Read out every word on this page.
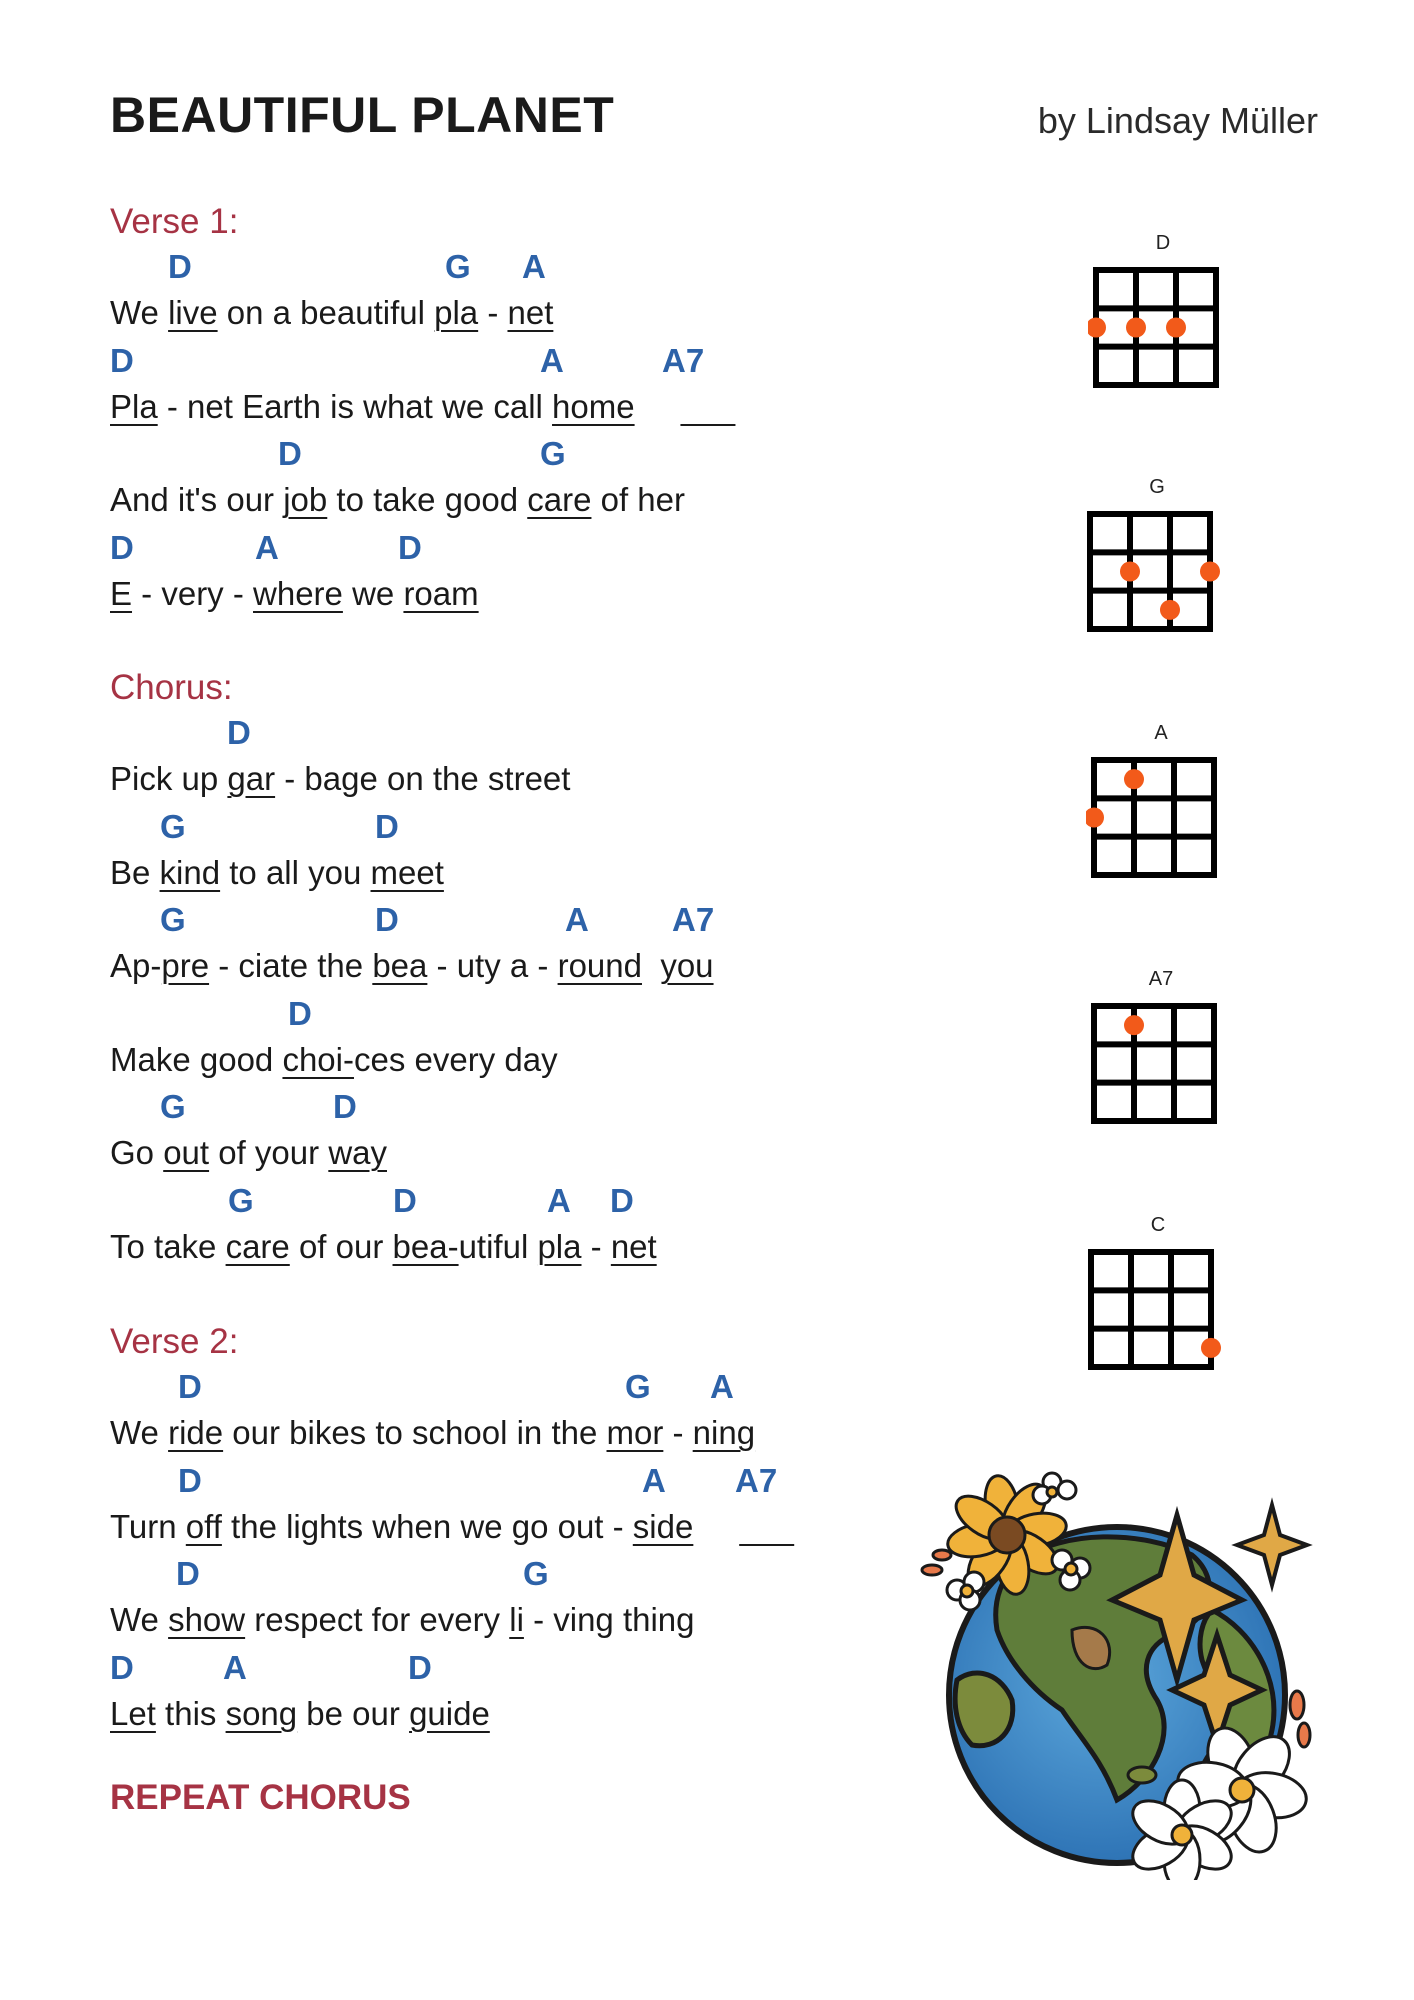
BEAUTIFUL PLANET	by Lindsay Müller
Verse 1:
D	G A
We live on a beautiful pla - net
D	A	A7
Pla - net Earth is what we call home
D	G
And it's our job to take good care of her
D	A	D
E - very - where we roam
Chorus:
D
Pick up gar - bage on the street
G	D
Be kind to all you meet
G	D	A	A7
Ap-pre - ciate the bea - uty a - round you
D
Make good choi-ces every day
G	D
Go out of your way
G	D	A D
To take care of our bea-utiful pla - net
Verse 2:
D	G A
We ride our bikes to school in the mor - ning
D	A A7
Turn off the lights when we go out - side
D	G
We show respect for every li - ving thing
D	A	D
Let this song be our guide
REPEAT CHORUS
D
G
A
A7
C
